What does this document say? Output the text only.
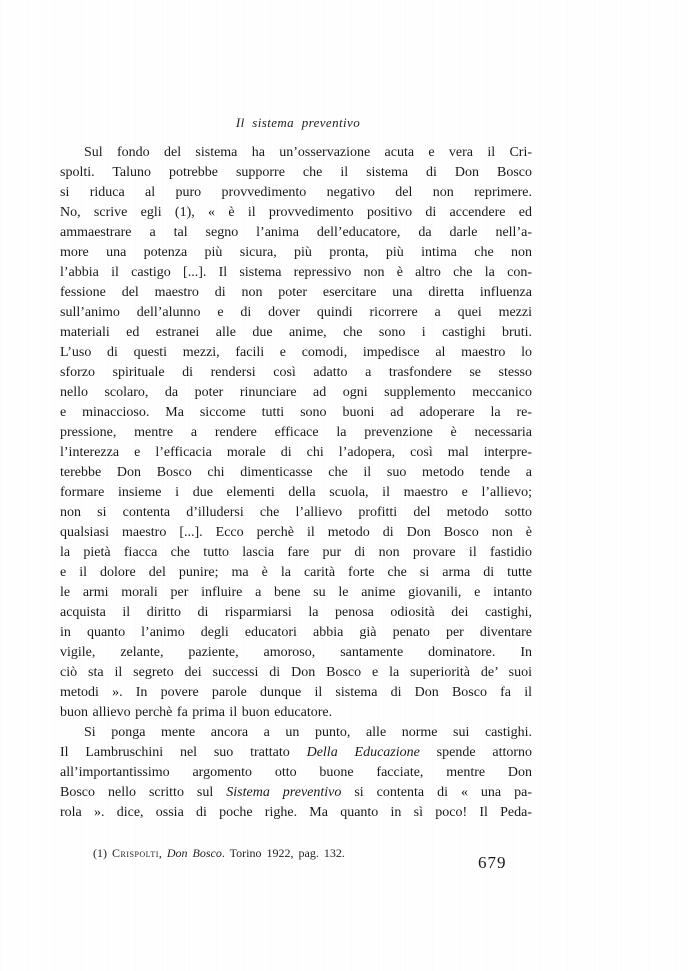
Il sistema preventivo
Sul fondo del sistema ha un’osservazione acuta e vera il Cri-
spolti. Taluno potrebbe supporre che il sistema di Don Bosco
si riduca al puro provvedimento negativo del non reprimere.
No, scrive egli (1), « è il provvedimento positivo di accendere ed
ammaestrare a tal segno l’anima dell’educatore, da darle nell’a-
more una potenza più sicura, più pronta, più intima che non
l’abbia il castigo [...]. Il sistema repressivo non è altro che la con-
fessione del maestro di non poter esercitare una diretta influenza
sull’animo dell’alunno e di dover quindi ricorrere a quei mezzi
materiali ed estranei alle due anime, che sono i castighi bruti.
L’uso di questi mezzi, facili e comodi, impedisce al maestro lo
sforzo spirituale di rendersi così adatto a trasfondere se stesso
nello scolaro, da poter rinunciare ad ogni supplemento meccanico
e minaccioso. Ma siccome tutti sono buoni ad adoperare la re-
pressione, mentre a rendere efficace la prevenzione è necessaria
l’interezza e l’efficacia morale di chi l’adopera, così mal interpre-
terebbe Don Bosco chi dimenticasse che il suo metodo tende a
formare insieme i due elementi della scuola, il maestro e l’allievo;
non si contenta d’illudersi che l’allievo profitti del metodo sotto
qualsiasi maestro [...]. Ecco perchè il metodo di Don Bosco non è
la pietà fiacca che tutto lascia fare pur di non provare il fastidio
e il dolore del punire; ma è la carità forte che si arma di tutte
le armi morali per influire a bene su le anime giovanili, e intanto
acquista il diritto di risparmiarsi la penosa odiosità dei castighi,
in quanto l’animo degli educatori abbia già penato per diventare
vigile, zelante, paziente, amoroso, santamente dominatore. In
ciò sta il segreto dei successi di Don Bosco e la superiorità de’ suoi
metodi ». In povere parole dunque il sistema di Don Bosco fa il
buon allievo perchè fa prima il buon educatore.
Si ponga mente ancora a un punto, alle norme sui castighi.
Il Lambruschini nel suo trattato Della Educazione spende attorno
all’importantissimo argomento otto buone facciate, mentre Don
Bosco nello scritto sul Sistema preventivo si contenta di « una pa-
rola ». dice, ossia di poche righe. Ma quanto in sì poco! Il Peda-
(1) Crispolti, Don Bosco. Torino 1922, pag. 132.	679
